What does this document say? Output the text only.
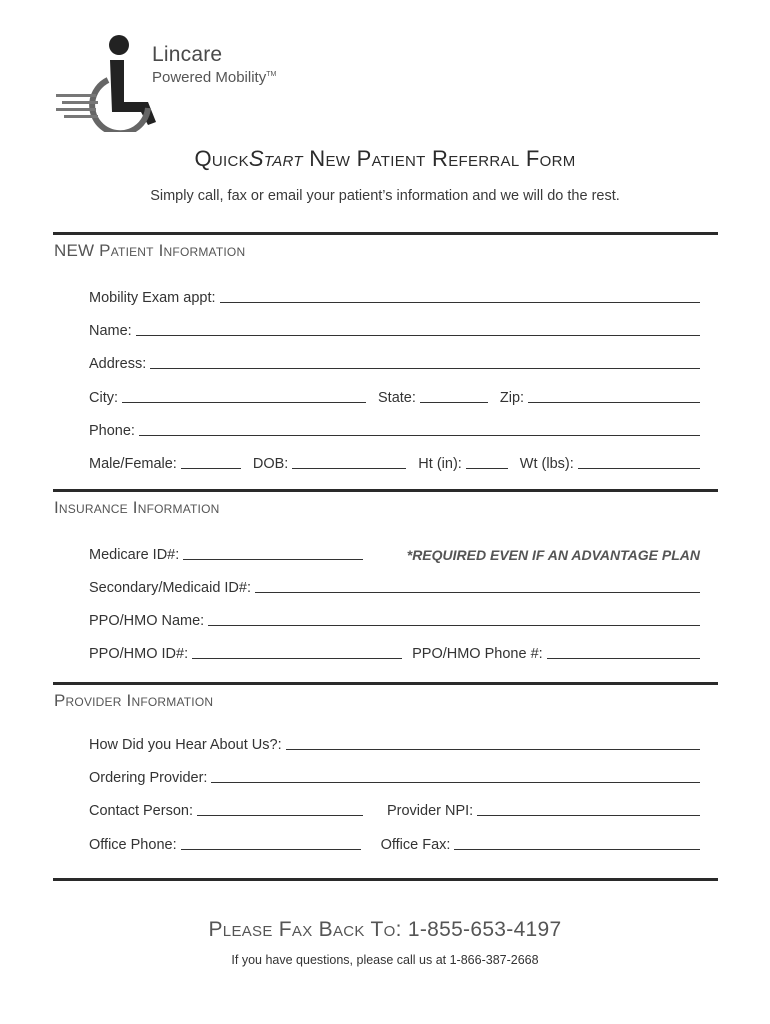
Lincare
Powered Mobility™
QuickStart New Patient Referral Form
Simply call, fax or email your patient’s information and we will do the rest.
NEW Patient Information
Mobility Exam appt:
Name:
Address:
City:	State:	Zip:
Phone:
Male/Female:	DOB:	Ht (in):	Wt (lbs):
Insurance Information
Medicare ID#:	*REQUIRED EVEN IF AN ADVANTAGE PLAN
Secondary/Medicaid ID#:
PPO/HMO Name:
PPO/HMO ID#:	PPO/HMO Phone #:
Provider Information
How Did you Hear About Us?:
Ordering Provider:
Contact Person:	Provider NPI:
Office Phone:	Office Fax:
Please Fax Back To: 1-855-653-4197
If you have questions, please call us at 1-866-387-2668
